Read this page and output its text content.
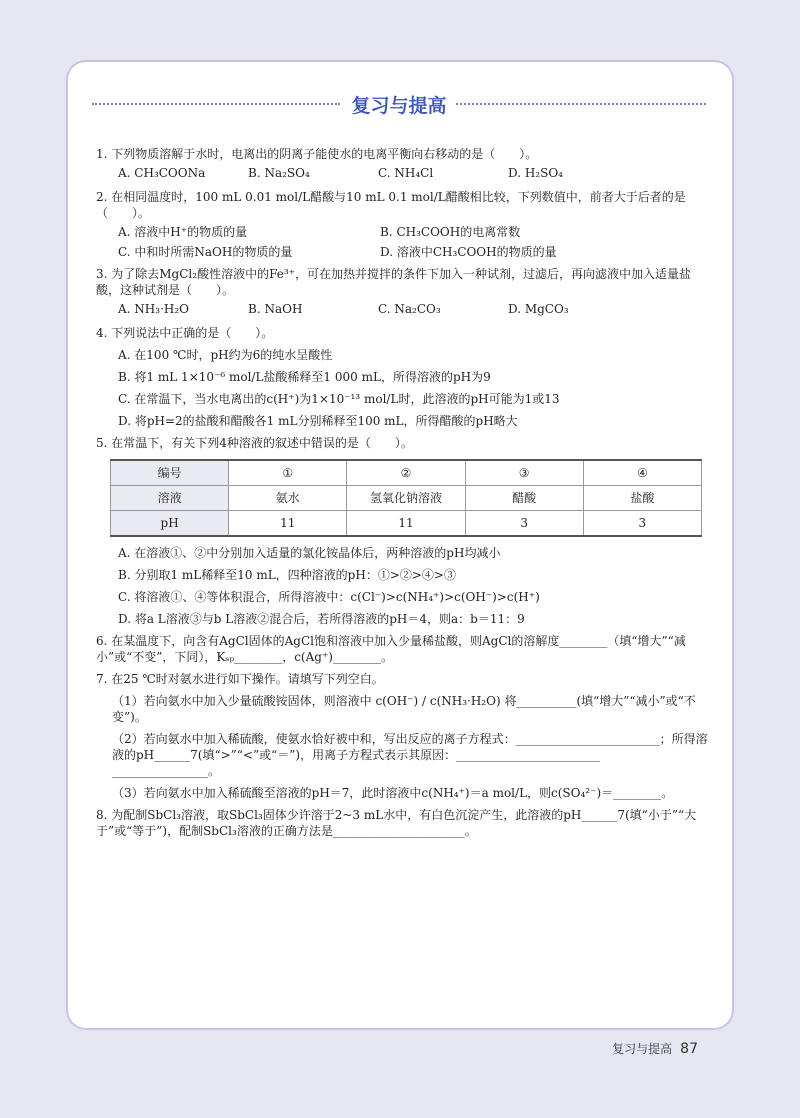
复习与提高

1. 下列物质溶解于水时，电离出的阴离子能使水的电离平衡向右移动的是（　　）。

A. CH₃COONa	B. Na₂SO₄	C. NH₄Cl	D. H₂SO₄

2. 在相同温度时，100 mL 0.01 mol/L醋酸与10 mL 0.1 mol/L醋酸相比较，下列数值中，前者大于后者的是（　　）。

A. 溶液中H⁺的物质的量	B. CH₃COOH的电离常数
C. 中和时所需NaOH的物质的量	D. 溶液中CH₃COOH的物质的量

3. 为了除去MgCl₂酸性溶液中的Fe³⁺，可在加热并搅拌的条件下加入一种试剂，过滤后，再向滤液中加入适量盐酸，这种试剂是（　　）。

A. NH₃·H₂O	B. NaOH	C. Na₂CO₃	D. MgCO₃

4. 下列说法中正确的是（　　）。

A. 在100 ℃时，pH约为6的纯水呈酸性

B. 将1 mL 1×10⁻⁶ mol/L盐酸稀释至1 000 mL，所得溶液的pH为9

C. 在常温下，当水电离出的c(H⁺)为1×10⁻¹³ mol/L时，此溶液的pH可能为1或13

D. 将pH=2的盐酸和醋酸各1 mL分别稀释至100 mL，所得醋酸的pH略大

5. 在常温下，有关下列4种溶液的叙述中错误的是（　　）。

编号	①	②	③	④
溶液	氨水	氢氧化钠溶液	醋酸	盐酸
pH	11	11	3	3

A. 在溶液①、②中分别加入适量的氯化铵晶体后，两种溶液的pH均减小

B. 分别取1 mL稀释至10 mL，四种溶液的pH：①>②>④>③

C. 将溶液①、④等体积混合，所得溶液中：c(Cl⁻)>c(NH₄⁺)>c(OH⁻)>c(H⁺)

D. 将a L溶液③与b L溶液②混合后，若所得溶液的pH＝4，则a：b＝11：9

6. 在某温度下，向含有AgCl固体的AgCl饱和溶液中加入少量稀盐酸，则AgCl的溶解度________（填“增大”“减小”或“不变”，下同），Kₛₚ________，c(Ag⁺)________。

7. 在25 ℃时对氨水进行如下操作。请填写下列空白。

（1）若向氨水中加入少量硫酸铵固体，则溶液中 c(OH⁻) / c(NH₃·H₂O) 将__________(填“增大”“减小”或“不变”)。

（2）若向氨水中加入稀硫酸，使氨水恰好被中和，写出反应的离子方程式：________________________；所得溶液的pH______7(填“>”“<”或“＝”)，用离子方程式表示其原因：________________________ ________________。

（3）若向氨水中加入稀硫酸至溶液的pH＝7，此时溶液中c(NH₄⁺)＝a mol/L，则c(SO₄²⁻)＝________。

8. 为配制SbCl₃溶液，取SbCl₃固体少许溶于2~3 mL水中，有白色沉淀产生，此溶液的pH______7(填“小于”“大于”或“等于”)，配制SbCl₃溶液的正确方法是______________________。

复习与提高 87
